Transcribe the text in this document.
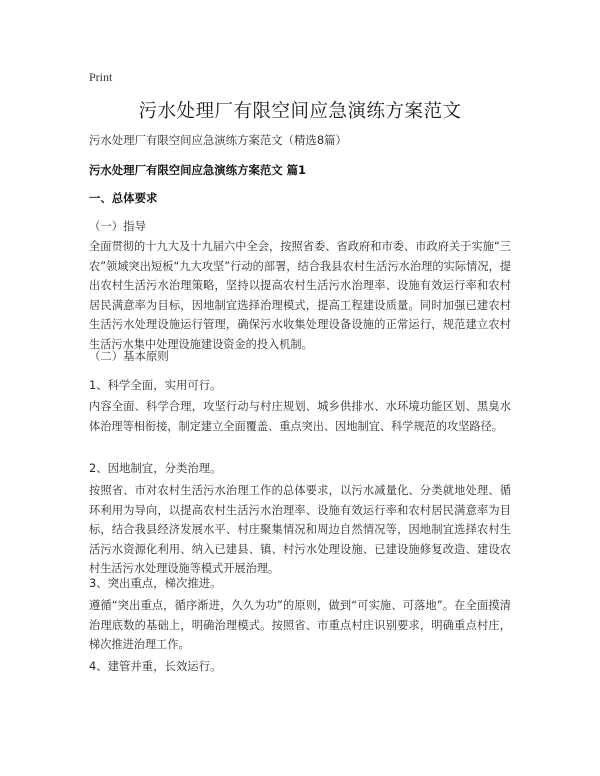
Print
污水处理厂有限空间应急演练方案范文
污水处理厂有限空间应急演练方案范文（精选8篇）
污水处理厂有限空间应急演练方案范文 篇1
一、总体要求
（一）指导
全面贯彻的十九大及十九届六中全会，按照省委、省政府和市委、市政府关于实施“三农”领域突出短板“九大攻坚”行动的部署，结合我县农村生活污水治理的实际情况，提出农村生活污水治理策略，坚持以提高农村生活污水治理率、设施有效运行率和农村居民满意率为目标，因地制宜选择治理模式，提高工程建设质量。同时加强已建农村生活污水处理设施运行管理，确保污水收集处理设备设施的正常运行，规范建立农村生活污水集中处理设施建设资金的投入机制。
（二）基本原则
1、科学全面，实用可行。
内容全面、科学合理，攻坚行动与村庄规划、城乡供排水、水环境功能区划、黑臭水体治理等相衔接，制定建立全面覆盖、重点突出、因地制宜、科学规范的攻坚路径。
2、因地制宜，分类治理。
按照省、市对农村生活污水治理工作的总体要求，以污水减量化、分类就地处理、循环利用为导向，以提高农村生活污水治理率、设施有效运行率和农村居民满意率为目标，结合我县经济发展水平、村庄聚集情况和周边自然情况等，因地制宜选择农村生活污水资源化利用、纳入已建县、镇、村污水处理设施、已建设施修复改造、建设农村生活污水处理设施等模式开展治理。
3、突出重点，梯次推进。
遵循“突出重点，循序渐进，久久为功”的原则，做到“可实施、可落地”。在全面摸清治理底数的基础上，明确治理模式。按照省、市重点村庄识别要求，明确重点村庄，梯次推进治理工作。
4、建管并重，长效运行。
